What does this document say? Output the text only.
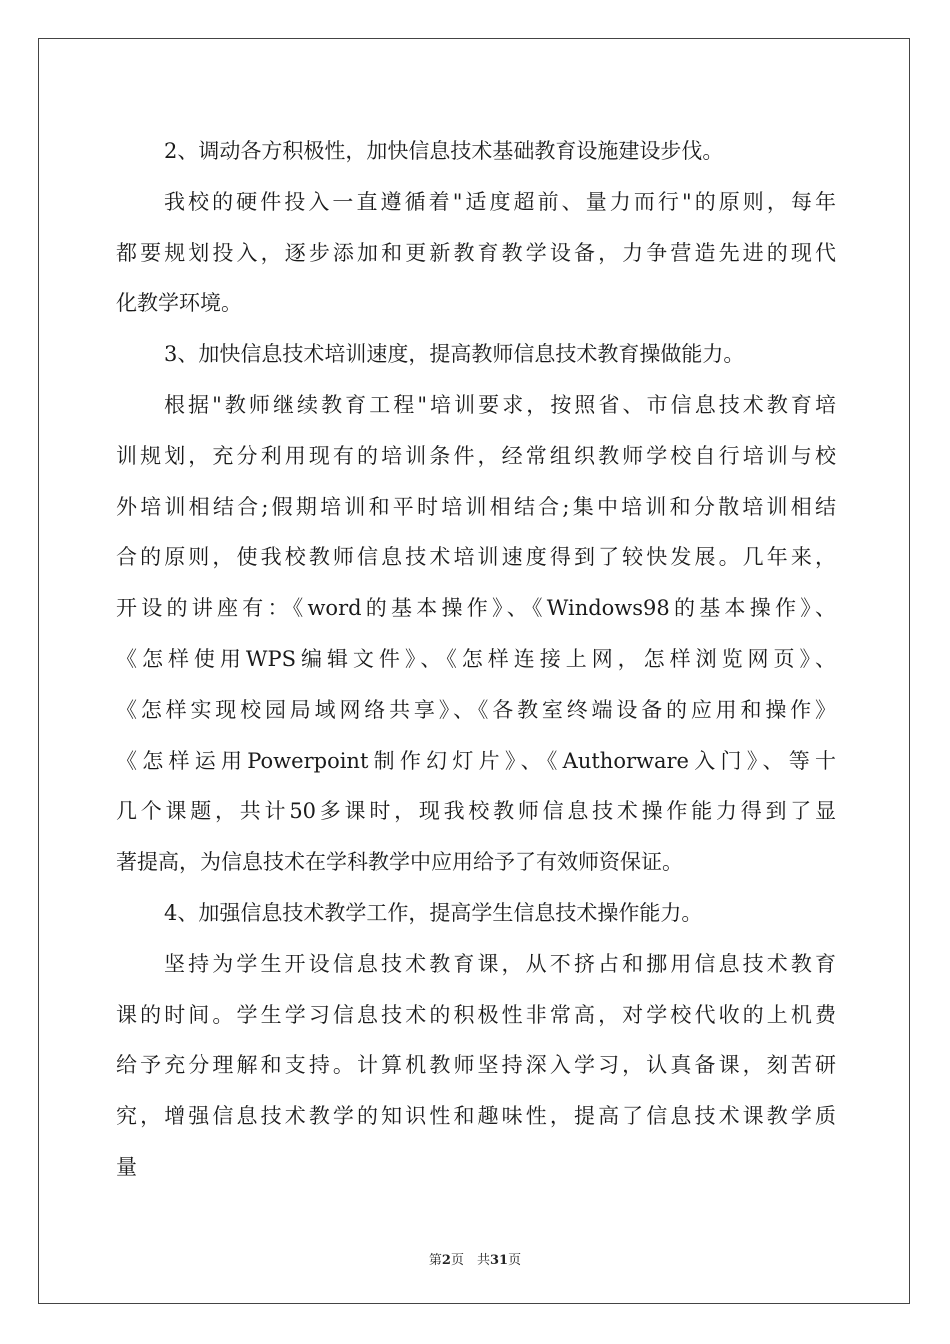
2、调动各方积极性，加快信息技术基础教育设施建设步伐。
我校的硬件投入一直遵循着"适度超前、量力而行"的原则，每年
都要规划投入，逐步添加和更新教育教学设备，力争营造先进的现代
化教学环境。
3、加快信息技术培训速度，提高教师信息技术教育操做能力。
根据"教师继续教育工程"培训要求，按照省、市信息技术教育培
训规划，充分利用现有的培训条件，经常组织教师学校自行培训与校
外培训相结合;假期培训和平时培训相结合;集中培训和分散培训相结
合的原则，使我校教师信息技术培训速度得到了较快发展。几年来，
开设的讲座有：《word的基本操作》、《Windows98的基本操作》、
《怎样使用WPS编辑文件》、《怎样连接上网，怎样浏览网页》、
《怎样实现校园局域网络共享》、《各教室终端设备的应用和操作》
《怎样运用Powerpoint制作幻灯片》、《Authorware入门》、等十
几个课题，共计50多课时，现我校教师信息技术操作能力得到了显
著提高，为信息技术在学科教学中应用给予了有效师资保证。
4、加强信息技术教学工作，提高学生信息技术操作能力。
坚持为学生开设信息技术教育课，从不挤占和挪用信息技术教育
课的时间。学生学习信息技术的积极性非常高，对学校代收的上机费
给予充分理解和支持。计算机教师坚持深入学习，认真备课，刻苦研
究，增强信息技术教学的知识性和趣味性，提高了信息技术课教学质
量
第2页　共31页
